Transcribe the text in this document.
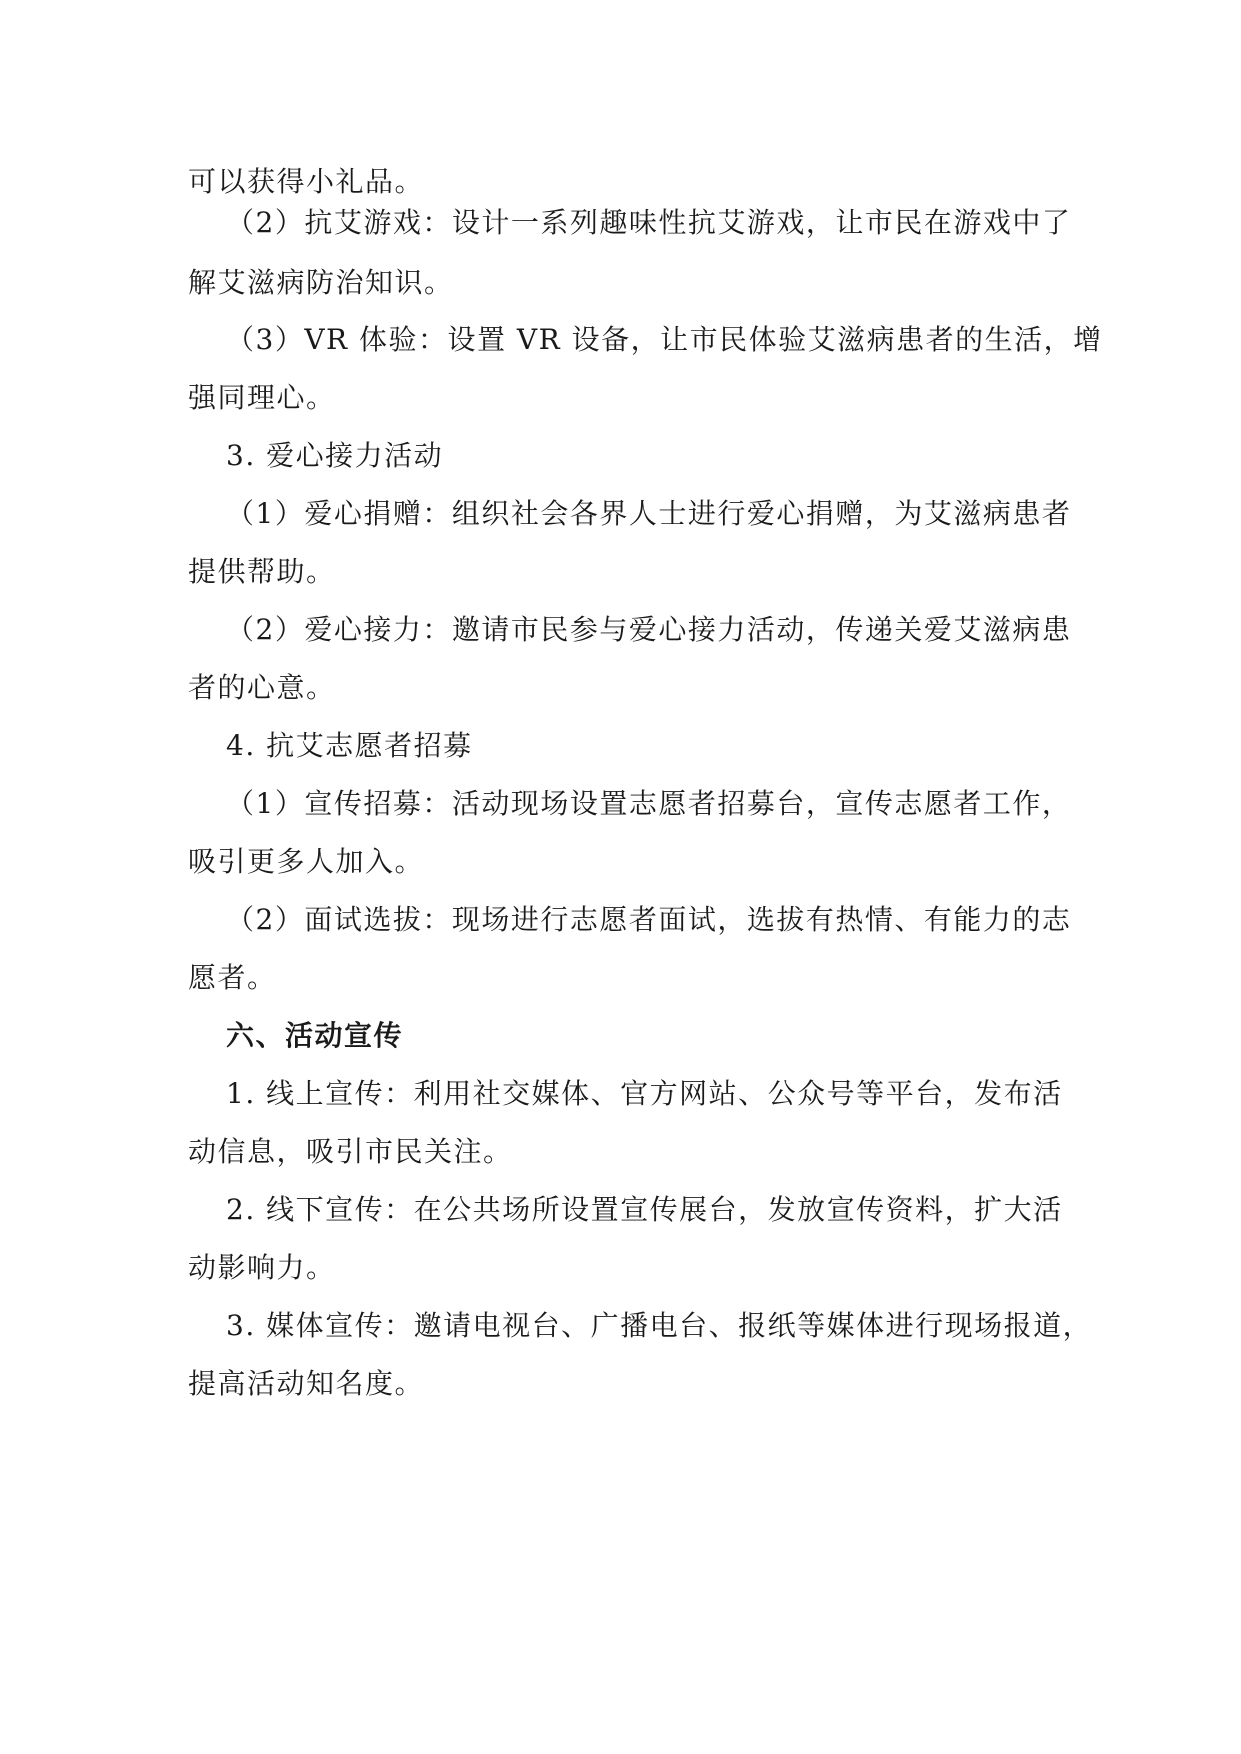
可以获得小礼品。
（2）抗艾游戏：设计一系列趣味性抗艾游戏，让市民在游戏中了
解艾滋病防治知识。
（3）VR 体验：设置 VR 设备，让市民体验艾滋病患者的生活，增
强同理心。
3. 爱心接力活动
（1）爱心捐赠：组织社会各界人士进行爱心捐赠，为艾滋病患者
提供帮助。
（2）爱心接力：邀请市民参与爱心接力活动，传递关爱艾滋病患
者的心意。
4. 抗艾志愿者招募
（1）宣传招募：活动现场设置志愿者招募台，宣传志愿者工作，
吸引更多人加入。
（2）面试选拔：现场进行志愿者面试，选拔有热情、有能力的志
愿者。
六、活动宣传
1. 线上宣传：利用社交媒体、官方网站、公众号等平台，发布活
动信息，吸引市民关注。
2. 线下宣传：在公共场所设置宣传展台，发放宣传资料，扩大活
动影响力。
3. 媒体宣传：邀请电视台、广播电台、报纸等媒体进行现场报道，
提高活动知名度。
